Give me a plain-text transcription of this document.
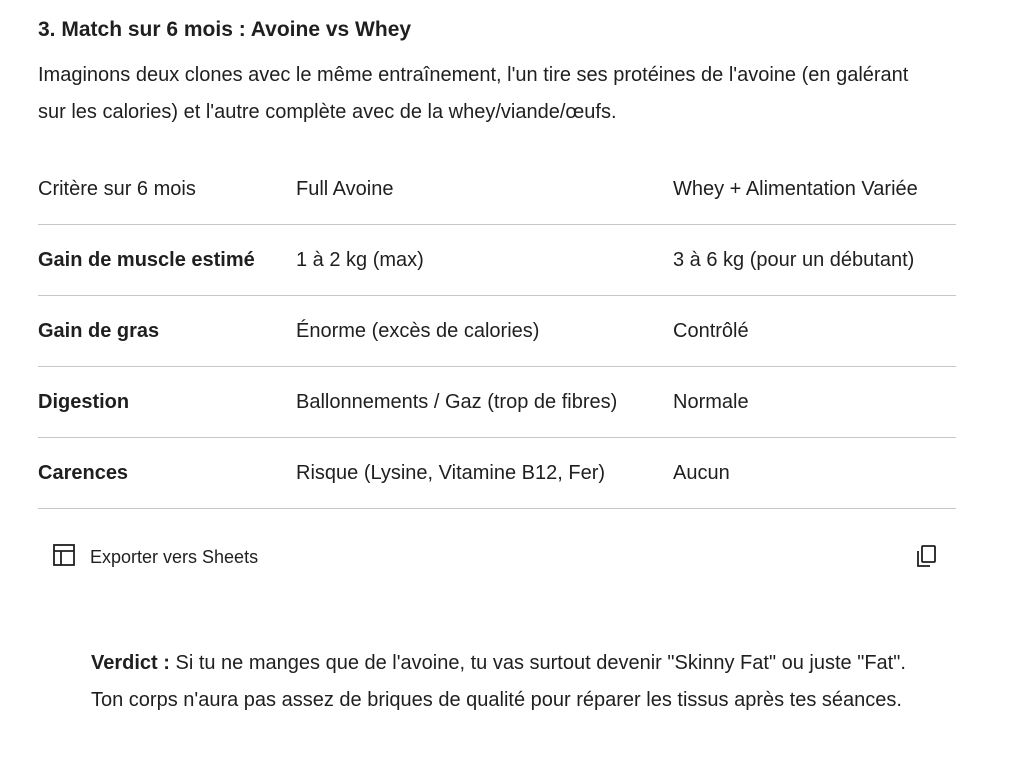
3. Match sur 6 mois : Avoine vs Whey

Imaginons deux clones avec le même entraînement, l'un tire ses protéines de l'avoine (en galérant sur les calories) et l'autre complète avec de la whey/viande/œufs.

Critère sur 6 mois	Full Avoine	Whey + Alimentation Variée
Gain de muscle estimé	1 à 2 kg (max)	3 à 6 kg (pour un débutant)
Gain de gras	Énorme (excès de calories)	Contrôlé
Digestion	Ballonnements / Gaz (trop de fibres)	Normale
Carences	Risque (Lysine, Vitamine B12, Fer)	Aucun
Exporter vers Sheets

Verdict : Si tu ne manges que de l'avoine, tu vas surtout devenir "Skinny Fat" ou juste "Fat". Ton corps n'aura pas assez de briques de qualité pour réparer les tissus après tes séances.
